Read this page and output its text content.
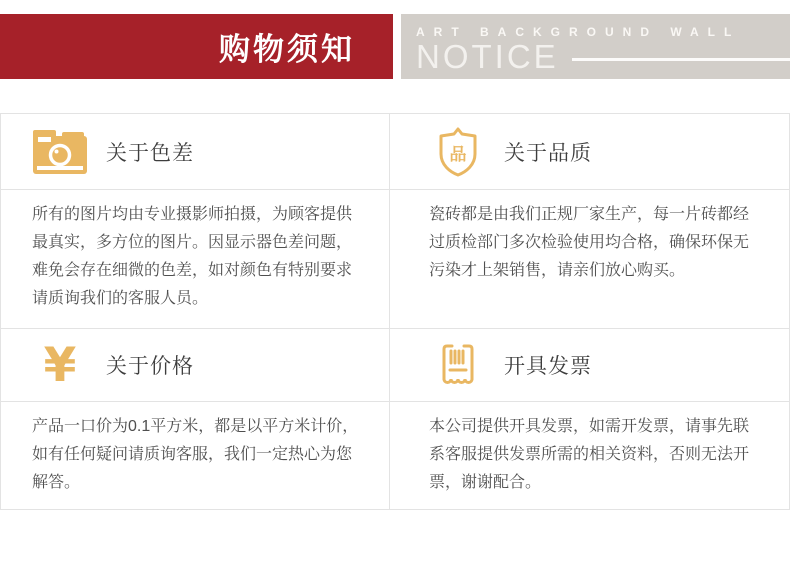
购物须知	ART BACKGROUND WALL
NOTICE
关于色差	品	关于品质
所有的图片均由专业摄影师拍摄，为顾客提供最真实，多方位的图片。因显示器色差问题，难免会存在细微的色差，如对颜色有特别要求请质询我们的客服人员。
瓷砖都是由我们正规厂家生产，每一片砖都经过质检部门多次检验使用均合格，确保环保无污染才上架销售，请亲们放心购买。
¥ 关于价格	开具发票
产品一口价为0.1平方米，都是以平方米计价，如有任何疑问请质询客服，我们一定热心为您解答。
本公司提供开具发票，如需开发票，请事先联系客服提供发票所需的相关资料，否则无法开票，谢谢配合。
